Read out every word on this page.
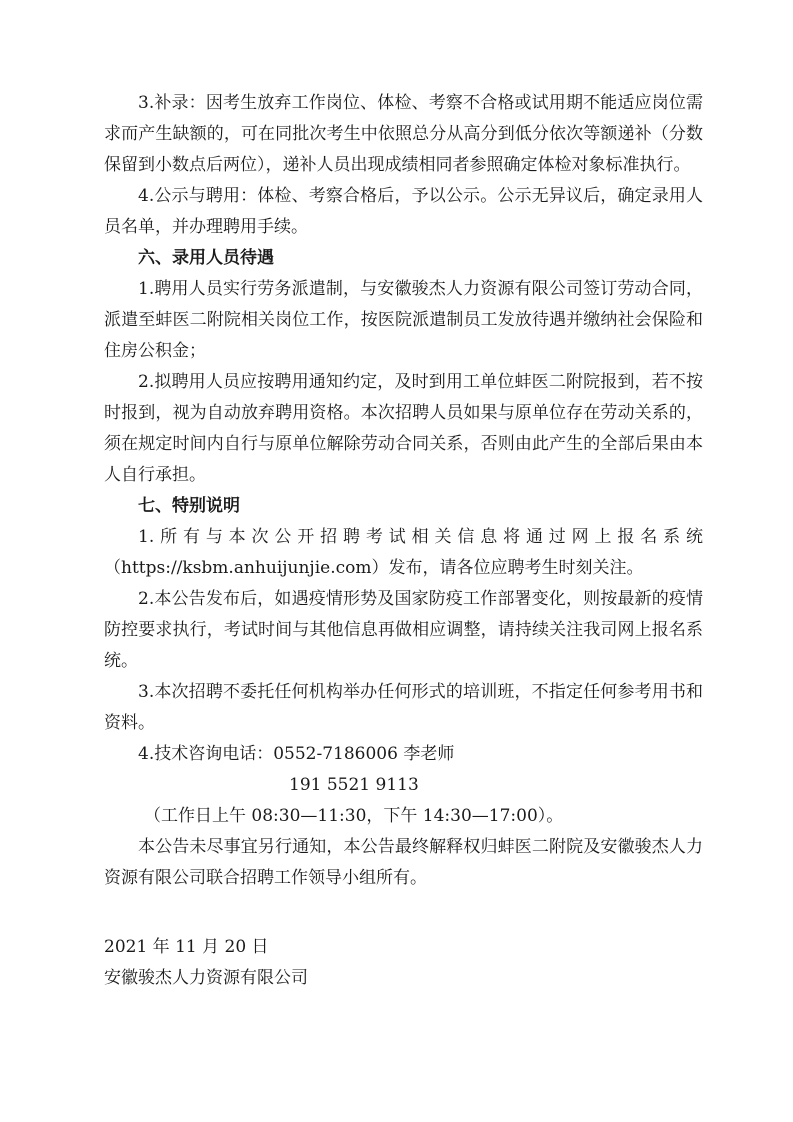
3.补录：因考生放弃工作岗位、体检、考察不合格或试用期不能适应岗位需求而产生缺额的，可在同批次考生中依照总分从高分到低分依次等额递补（分数保留到小数点后两位），递补人员出现成绩相同者参照确定体检对象标准执行。

4.公示与聘用：体检、考察合格后，予以公示。公示无异议后，确定录用人员名单，并办理聘用手续。

六、录用人员待遇

1.聘用人员实行劳务派遣制，与安徽骏杰人力资源有限公司签订劳动合同，派遣至蚌医二附院相关岗位工作，按医院派遣制员工发放待遇并缴纳社会保险和住房公积金；

2.拟聘用人员应按聘用通知约定，及时到用工单位蚌医二附院报到，若不按时报到，视为自动放弃聘用资格。本次招聘人员如果与原单位存在劳动关系的，须在规定时间内自行与原单位解除劳动合同关系，否则由此产生的全部后果由本人自行承担。

七、特别说明

1.所有与本次公开招聘考试相关信息将通过网上报名系统（https://ksbm.anhuijunjie.com）发布，请各位应聘考生时刻关注。

2.本公告发布后，如遇疫情形势及国家防疫工作部署变化，则按最新的疫情防控要求执行，考试时间与其他信息再做相应调整，请持续关注我司网上报名系统。

3.本次招聘不委托任何机构举办任何形式的培训班，不指定任何参考用书和资料。

4.技术咨询电话：0552-7186006 李老师

191 5521 9113

（工作日上午 08:30—11:30，下午 14:30—17:00）。

本公告未尽事宜另行通知，本公告最终解释权归蚌医二附院及安徽骏杰人力资源有限公司联合招聘工作领导小组所有。

2021 年 11 月 20 日

安徽骏杰人力资源有限公司
